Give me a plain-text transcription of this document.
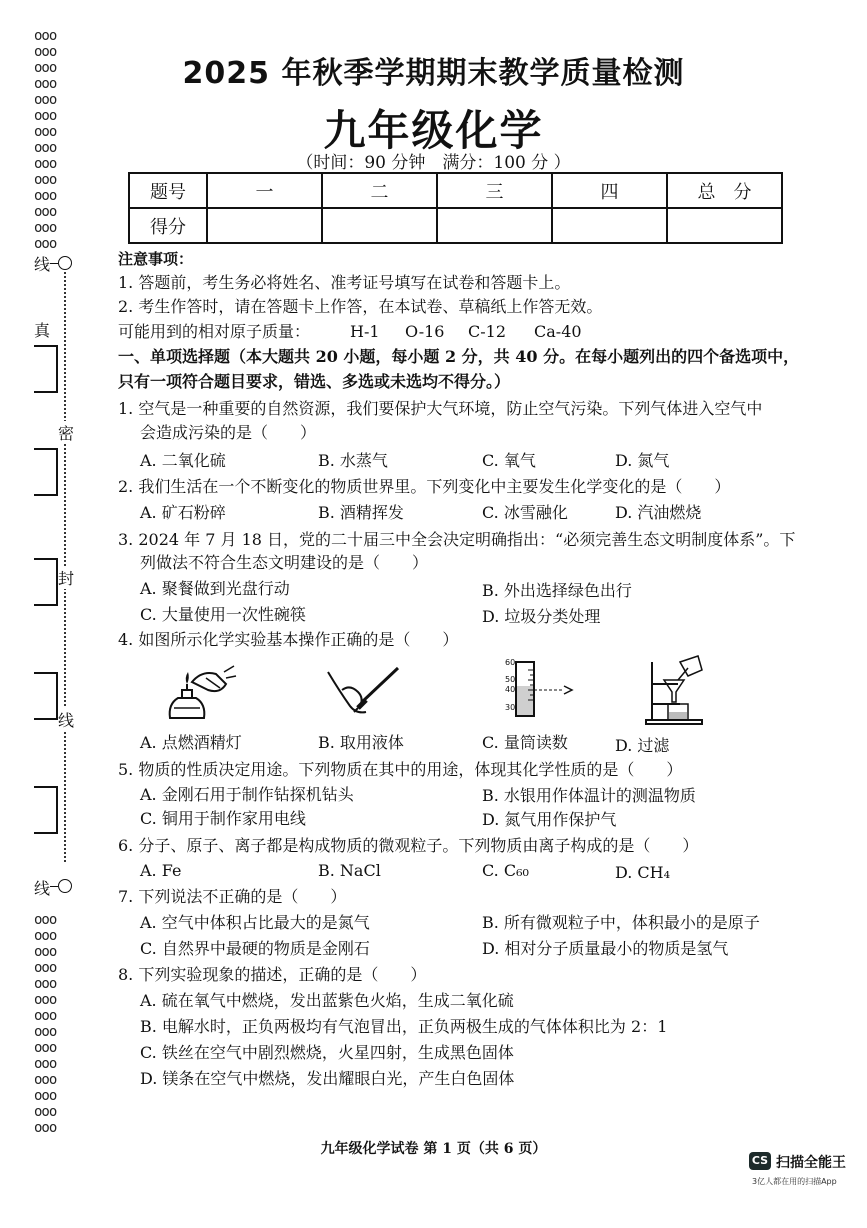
ooo
ooo
ooo
ooo
ooo
ooo
ooo
ooo
ooo
ooo
ooo
ooo
ooo
ooo
ooo
ooo
ooo
ooo
ooo
ooo
ooo
ooo
ooo
ooo
ooo
ooo
ooo
ooo
线
真
密
封
线
线
2025 年秋季学期期末教学质量检测
九年级化学
（时间：90 分钟　满分：100 分 ）
题号	一	二	三	四	总　分
得分					
注意事项：
1. 答题前，考生务必将姓名、准考证号填写在试卷和答题卡上。
2. 考生作答时，请在答题卡上作答，在本试卷、草稿纸上作答无效。
可能用到的相对原子质量： H-1 O-16 C-12 Ca-40
一、单项选择题（本大题共 20 小题，每小题 2 分，共 40 分。在每小题列出的四个备选项中，
只有一项符合题目要求，错选、多选或未选均不得分。）
1. 空气是一种重要的自然资源，我们要保护大气环境，防止空气污染。下列气体进入空气中
会造成污染的是（　　）
A. 二氧化硫	B. 水蒸气	C. 氧气	D. 氮气
2. 我们生活在一个不断变化的物质世界里。下列变化中主要发生化学变化的是（　　）
A. 矿石粉碎	B. 酒精挥发	C. 冰雪融化	D. 汽油燃烧
3. 2024 年 7 月 18 日，党的二十届三中全会决定明确指出：“必须完善生态文明制度体系”。下
列做法不符合生态文明建设的是（　　）
A. 聚餐做到光盘行动	B. 外出选择绿色出行
C. 大量使用一次性碗筷	D. 垃圾分类处理
4. 如图所示化学实验基本操作正确的是（　　）
60
50
40
30
A. 点燃酒精灯	B. 取用液体	C. 量筒读数	D. 过滤
5. 物质的性质决定用途。下列物质在其中的用途，体现其化学性质的是（　　）
A. 金刚石用于制作钻探机钻头	B. 水银用作体温计的测温物质
C. 铜用于制作家用电线	D. 氮气用作保护气
6. 分子、原子、离子都是构成物质的微观粒子。下列物质由离子构成的是（　　）
A. Fe	B. NaCl	C. C₆₀	D. CH₄
7. 下列说法不正确的是（　　）
A. 空气中体积占比最大的是氮气	B. 所有微观粒子中，体积最小的是原子
C. 自然界中最硬的物质是金刚石	D. 相对分子质量最小的物质是氢气
8. 下列实验现象的描述，正确的是（　　）
A. 硫在氧气中燃烧，发出蓝紫色火焰，生成二氧化硫
B. 电解水时，正负两极均有气泡冒出，正负两极生成的气体体积比为 2：1
C. 铁丝在空气中剧烈燃烧，火星四射，生成黑色固体
D. 镁条在空气中燃烧，发出耀眼白光，产生白色固体
九年级化学试卷 第 1 页（共 6 页）
CS 扫描全能王
3亿人都在用的扫描App
